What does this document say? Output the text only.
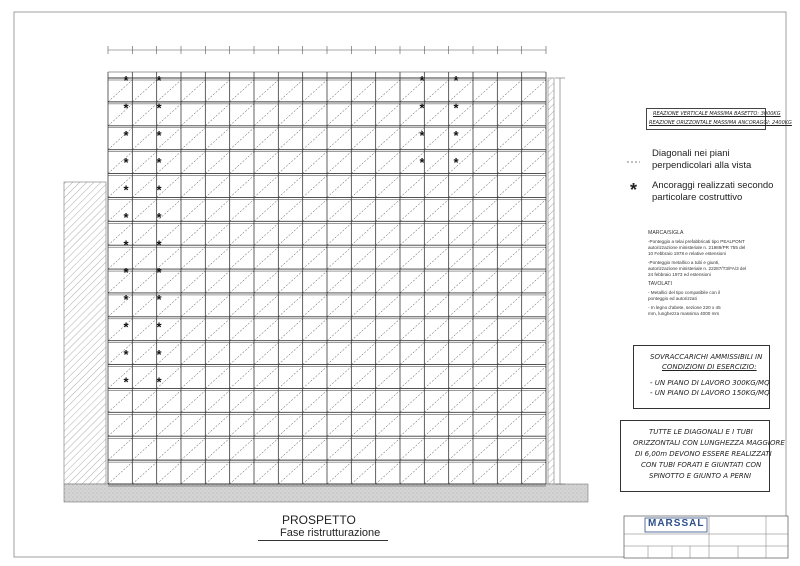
* *	* *
* *	* *
* *	* *
* *	* *
* *
* *
* *
* *
* *
* *
* *
* *
REAZIONE VERTICALE MASSIMA BASETTO: 3000KG
REAZIONE ORIZZONTALE MASSIMA ANCORAGGI: 2400KG
Diagonali nei piani
perpendicolari alla vista
* Ancoraggi realizzati secondo
particolare costruttivo
MARCA/SIGLA
-Ponteggio a telai prefabbricati tipo PEALPONT
autorizzazione ministeriale n. 21989/PR 755 del
10 Febbraio 1978 e relative estensioni
-Ponteggio metallico a tubi e giunti,
autorizzazione ministeriale n. 22287/T3/FA/3 del
24 febbraio 1973 ed estensioni
TAVOLATI
- Metallici del tipo compatibile con il
ponteggio ed autorizzati
- In legno d'abete, sezione 220 x 45
mm, lunghezza massima 4000 mm
SOVRACCARICHI AMMISSIBILI IN
CONDIZIONI DI ESERCIZIO:
- UN PIANO DI LAVORO 300KG/MQ
- UN PIANO DI LAVORO 150KG/MQ
TUTTE LE DIAGONALI E I TUBI
ORIZZONTALI CON LUNGHEZZA MAGGIORE
DI 6,00m DEVONO ESSERE REALIZZATI
CON TUBI FORATI E GIUNTATI CON
SPINOTTO E GIUNTO A PERNI
PROSPETTO
Fase ristrutturazione
MARSSAL
